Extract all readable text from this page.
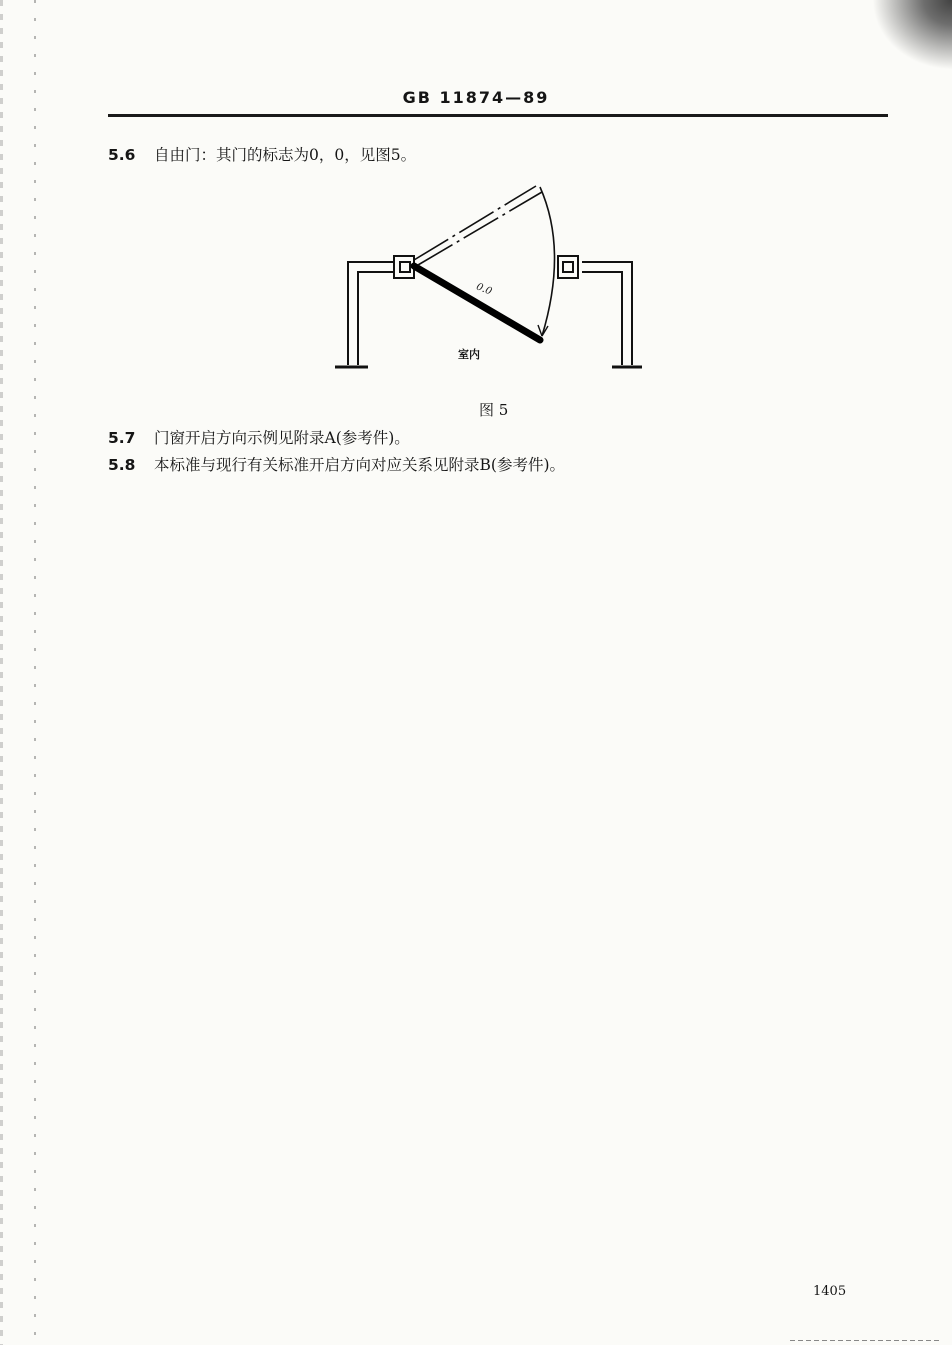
GB 11874—89
5.6 自由门：其门的标志为0，0，见图5。
0.0
室内
图 5
5.7 门窗开启方向示例见附录A(参考件)。
5.8 本标准与现行有关标准开启方向对应关系见附录B(参考件)。
1405
